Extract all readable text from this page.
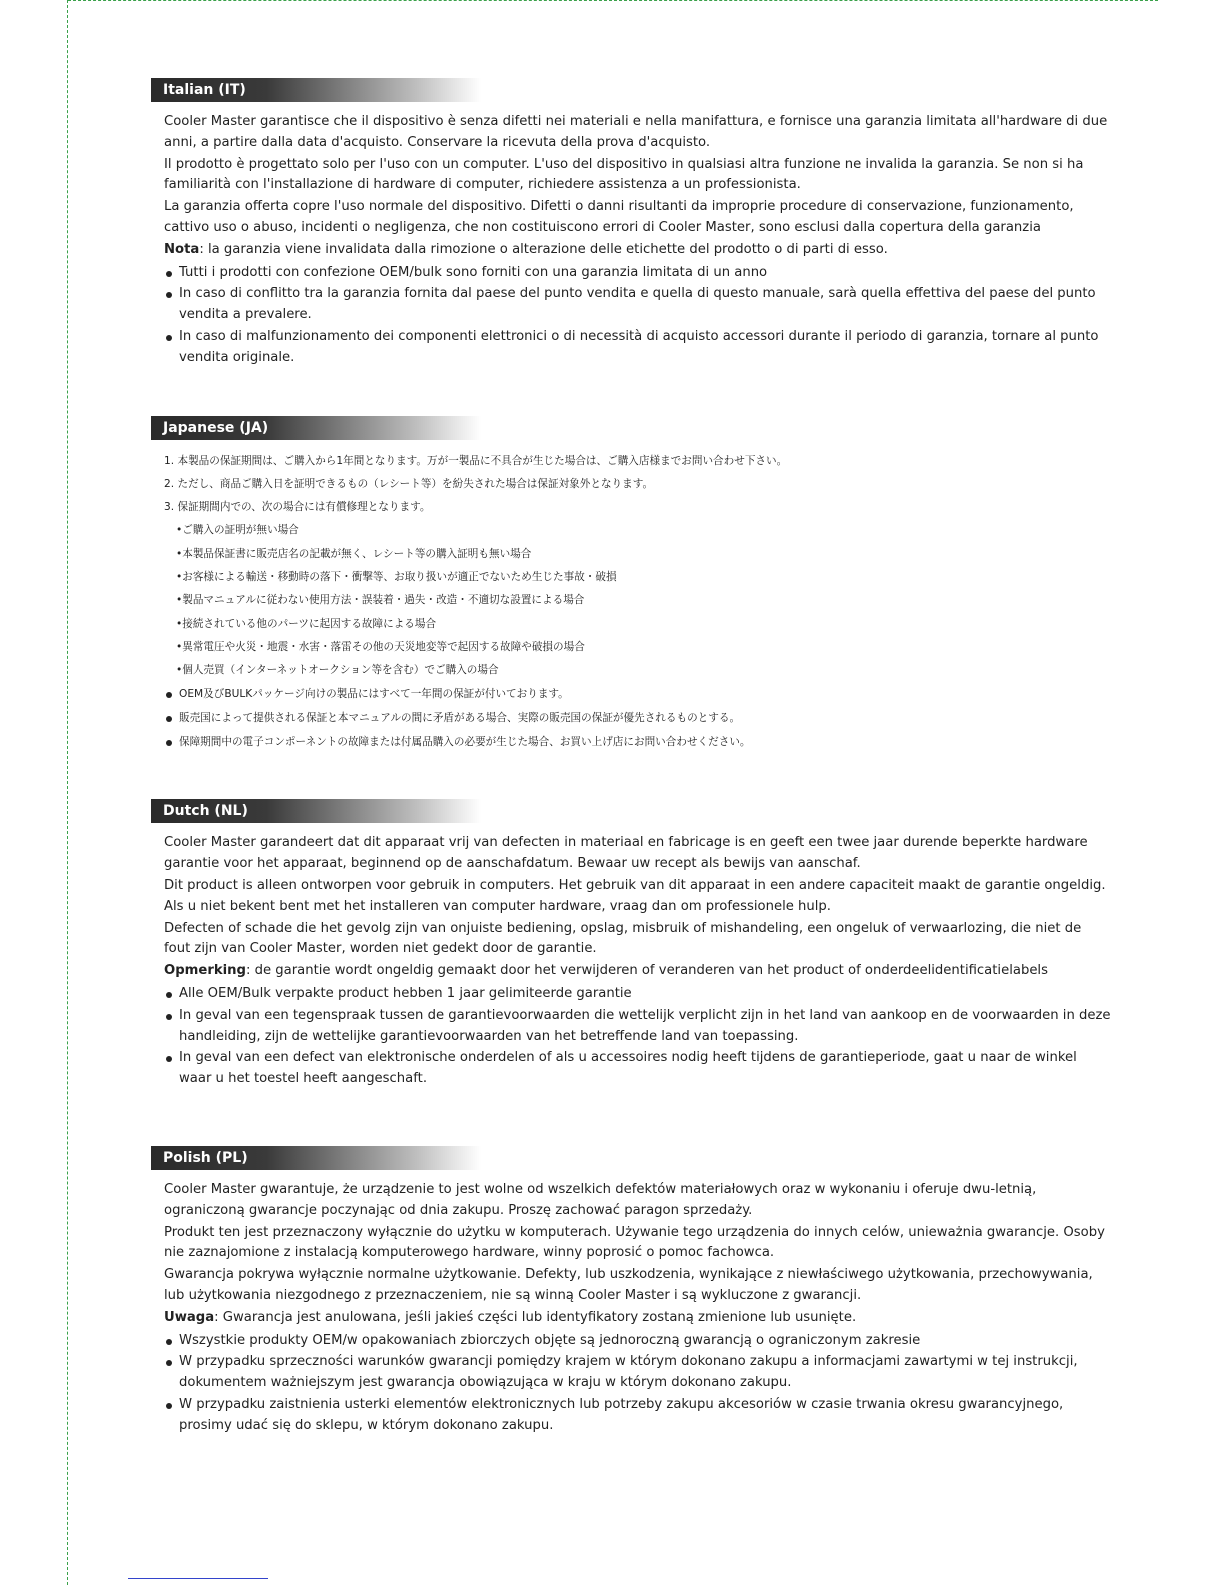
Italian (IT)

Cooler Master garantisce che il dispositivo è senza difetti nei materiali e nella manifattura, e fornisce una garanzia limitata all'hardware di due anni, a partire dalla data d'acquisto. Conservare la ricevuta della prova d'acquisto.

Il prodotto è progettato solo per l'uso con un computer. L'uso del dispositivo in qualsiasi altra funzione ne invalida la garanzia. Se non si ha familiarità con l'installazione di hardware di computer, richiedere assistenza a un professionista.

La garanzia offerta copre l'uso normale del dispositivo. Difetti o danni risultanti da improprie procedure di conservazione, funzionamento, cattivo uso o abuso, incidenti o negligenza, che non costituiscono errori di Cooler Master, sono esclusi dalla copertura della garanzia

Nota: la garanzia viene invalidata dalla rimozione o alterazione delle etichette del prodotto o di parti di esso.

Tutti i prodotti con confezione OEM/bulk sono forniti con una garanzia limitata di un anno
In caso di conflitto tra la garanzia fornita dal paese del punto vendita e quella di questo manuale, sarà quella effettiva del paese del punto vendita a prevalere.
In caso di malfunzionamento dei componenti elettronici o di necessità di acquisto accessori durante il periodo di garanzia, tornare al punto vendita originale.
Japanese (JA)

1. 本製品の保証期間は、ご購入から1年間となります。万が一製品に不具合が生じた場合は、ご購入店様までお問い合わせ下さい。

2. ただし、商品ご購入日を証明できるもの（レシート等）を紛失された場合は保証対象外となります。

3. 保証期間内での、次の場合には有償修理となります。

•ご購入の証明が無い場合

•本製品保証書に販売店名の記載が無く、レシート等の購入証明も無い場合

•お客様による輸送・移動時の落下・衝撃等、お取り扱いが適正でないため生じた事故・破損

•製品マニュアルに従わない使用方法・誤装着・過失・改造・不適切な設置による場合

•接続されている他のパーツに起因する故障による場合

•異常電圧や火災・地震・水害・落雷その他の天災地変等で起因する故障や破損の場合

•個人売買（インターネットオークション等を含む）でご購入の場合

OEM及びBULKパッケージ向けの製品にはすべて一年間の保証が付いております。
販売国によって提供される保証と本マニュアルの間に矛盾がある場合、実際の販売国の保証が優先されるものとする。
保障期間中の電子コンポーネントの故障または付属品購入の必要が生じた場合、お買い上げ店にお問い合わせください。
Dutch (NL)

Cooler Master garandeert dat dit apparaat vrij van defecten in materiaal en fabricage is en geeft een twee jaar durende beperkte hardware garantie voor het apparaat, beginnend op de aanschafdatum. Bewaar uw recept als bewijs van aanschaf.

Dit product is alleen ontworpen voor gebruik in computers. Het gebruik van dit apparaat in een andere capaciteit maakt de garantie ongeldig. Als u niet bekent bent met het installeren van computer hardware, vraag dan om professionele hulp.

Defecten of schade die het gevolg zijn van onjuiste bediening, opslag, misbruik of mishandeling, een ongeluk of verwaarlozing, die niet de fout zijn van Cooler Master, worden niet gedekt door de garantie.

Opmerking: de garantie wordt ongeldig gemaakt door het verwijderen of veranderen van het product of onderdeelidentificatielabels

Alle OEM/Bulk verpakte product hebben 1 jaar gelimiteerde garantie
In geval van een tegenspraak tussen de garantievoorwaarden die wettelijk verplicht zijn in het land van aankoop en de voorwaarden in deze handleiding, zijn de wettelijke garantievoorwaarden van het betreffende land van toepassing.
In geval van een defect van elektronische onderdelen of als u accessoires nodig heeft tijdens de garantieperiode, gaat u naar de winkel waar u het toestel heeft aangeschaft.
Polish (PL)

Cooler Master gwarantuje, że urządzenie to jest wolne od wszelkich defektów materiałowych oraz w wykonaniu i oferuje dwu-letnią, ograniczoną gwarancje poczynając od dnia zakupu. Proszę zachować paragon sprzedaży.

Produkt ten jest przeznaczony wyłącznie do użytku w komputerach. Używanie tego urządzenia do innych celów, unieważnia gwarancje. Osoby nie zaznajomione z instalacją komputerowego hardware, winny poprosić o pomoc fachowca.

Gwarancja pokrywa wyłącznie normalne użytkowanie. Defekty, lub uszkodzenia, wynikające z niewłaściwego użytkowania, przechowywania, lub użytkowania niezgodnego z przeznaczeniem, nie są winną Cooler Master i są wykluczone z gwarancji.

Uwaga: Gwarancja jest anulowana, jeśli jakieś części lub identyfikatory zostaną zmienione lub usunięte.

Wszystkie produkty OEM/w opakowaniach zbiorczych objęte są jednoroczną gwarancją o ograniczonym zakresie
W przypadku sprzeczności warunków gwarancji pomiędzy krajem w którym dokonano zakupu a informacjami zawartymi w tej instrukcji, dokumentem ważniejszym jest gwarancja obowiązująca w kraju w którym dokonano zakupu.
W przypadku zaistnienia usterki elementów elektronicznych lub potrzeby zakupu akcesoriów w czasie trwania okresu gwarancyjnego, prosimy udać się do sklepu, w którym dokonano zakupu.
